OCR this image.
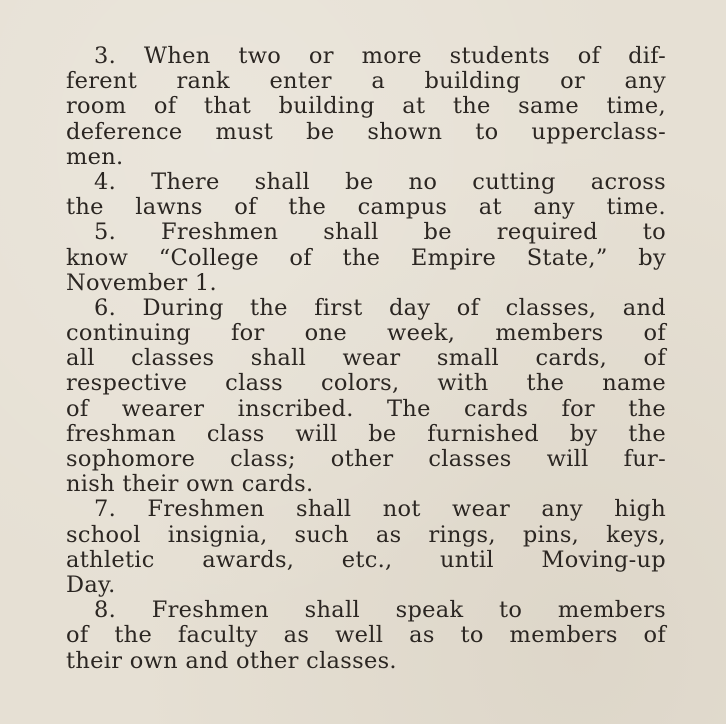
3. When two or more students of dif-
ferent rank enter a building or any
room of that building at the same time,
deference must be shown to upperclass-
men.
4. There shall be no cutting across
the lawns of the campus at any time.
5. Freshmen shall be required to
know “College of the Empire State,” by
November 1.
6. During the first day of classes, and
continuing for one week, members of
all classes shall wear small cards, of
respective class colors, with the name
of wearer inscribed. The cards for the
freshman class will be furnished by the
sophomore class; other classes will fur-
nish their own cards.
7. Freshmen shall not wear any high
school insignia, such as rings, pins, keys,
athletic awards, etc., until Moving-up
Day.
8. Freshmen shall speak to members
of the faculty as well as to members of
their own and other classes.
